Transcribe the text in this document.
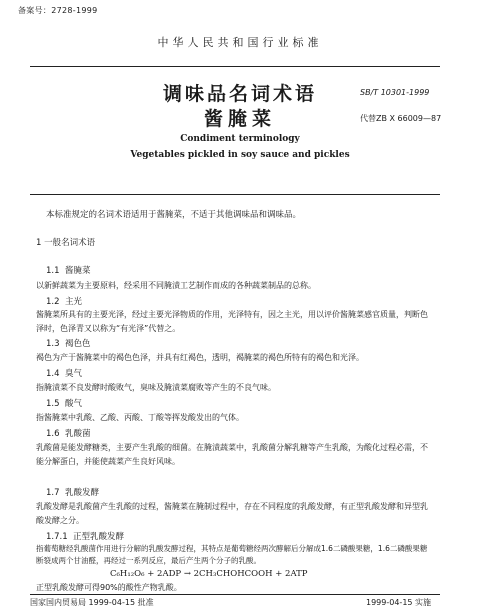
备案号：2728-1999
中华人民共和国行业标准
调味品名词术语
酱腌菜
SB/T 10301-1999
代替ZB X 66009—87
Condiment terminology
Vegetables pickled in soy sauce and pickles
本标准规定的名词术语适用于酱腌菜，不适于其他调味品和调味品。
1 一般名词术语
1.1 酱腌菜
以新鲜蔬菜为主要原料，经采用不同腌渍工艺制作而成的各种蔬菜制品的总称。
1.2 主光
酱腌菜所具有的主要光泽，经过主要光泽物质的作用，光泽特有，因之主光，用以评价酱腌菜感官质量，判断色泽时，色泽青又以称为“有光泽”代替之。
1.3 褐色色
褐色为产于酱腌菜中的褐色色泽，并具有红褐色，透明，褐腌菜的褐色所特有的褐色和光泽。
1.4 臭气
指腌渍菜不良发酵时酸败气，臭味及腌渍菜腐败等产生的不良气味。
1.5 酸气
指酱腌菜中乳酸、乙酸、丙酸、丁酸等挥发酸发出的气体。
1.6 乳酸菌
乳酸菌是能发酵糖类，主要产生乳酸的细菌。在腌渍蔬菜中，乳酸菌分解乳糖等产生乳酸，为酸化过程必需，不能分解蛋白，并能使蔬菜产生良好风味。
1.7 乳酸发酵
乳酸发酵是乳酸菌产生乳酸的过程，酱腌菜在腌制过程中，存在不同程度的乳酸发酵，有正型乳酸发酵和异型乳酸发酵之分。
1.7.1 正型乳酸发酵
指葡萄糖经乳酸菌作用进行分解的乳酸发酵过程，其特点是葡萄糖经两次酵解后分解成1.6二磷酸果糖，1.6二磷酸果糖断裂成两个甘油醛，再经过一系列反应，最后产生两个分子的乳酸。
C₆H₁₂O₆ + 2ADP → 2CH₃CHOHCOOH + 2ATP
正型乳酸发酵可得90%的酸性产物乳酸。
国家国内贸易局 1999-04-15 批准	1999-04-15 实施
